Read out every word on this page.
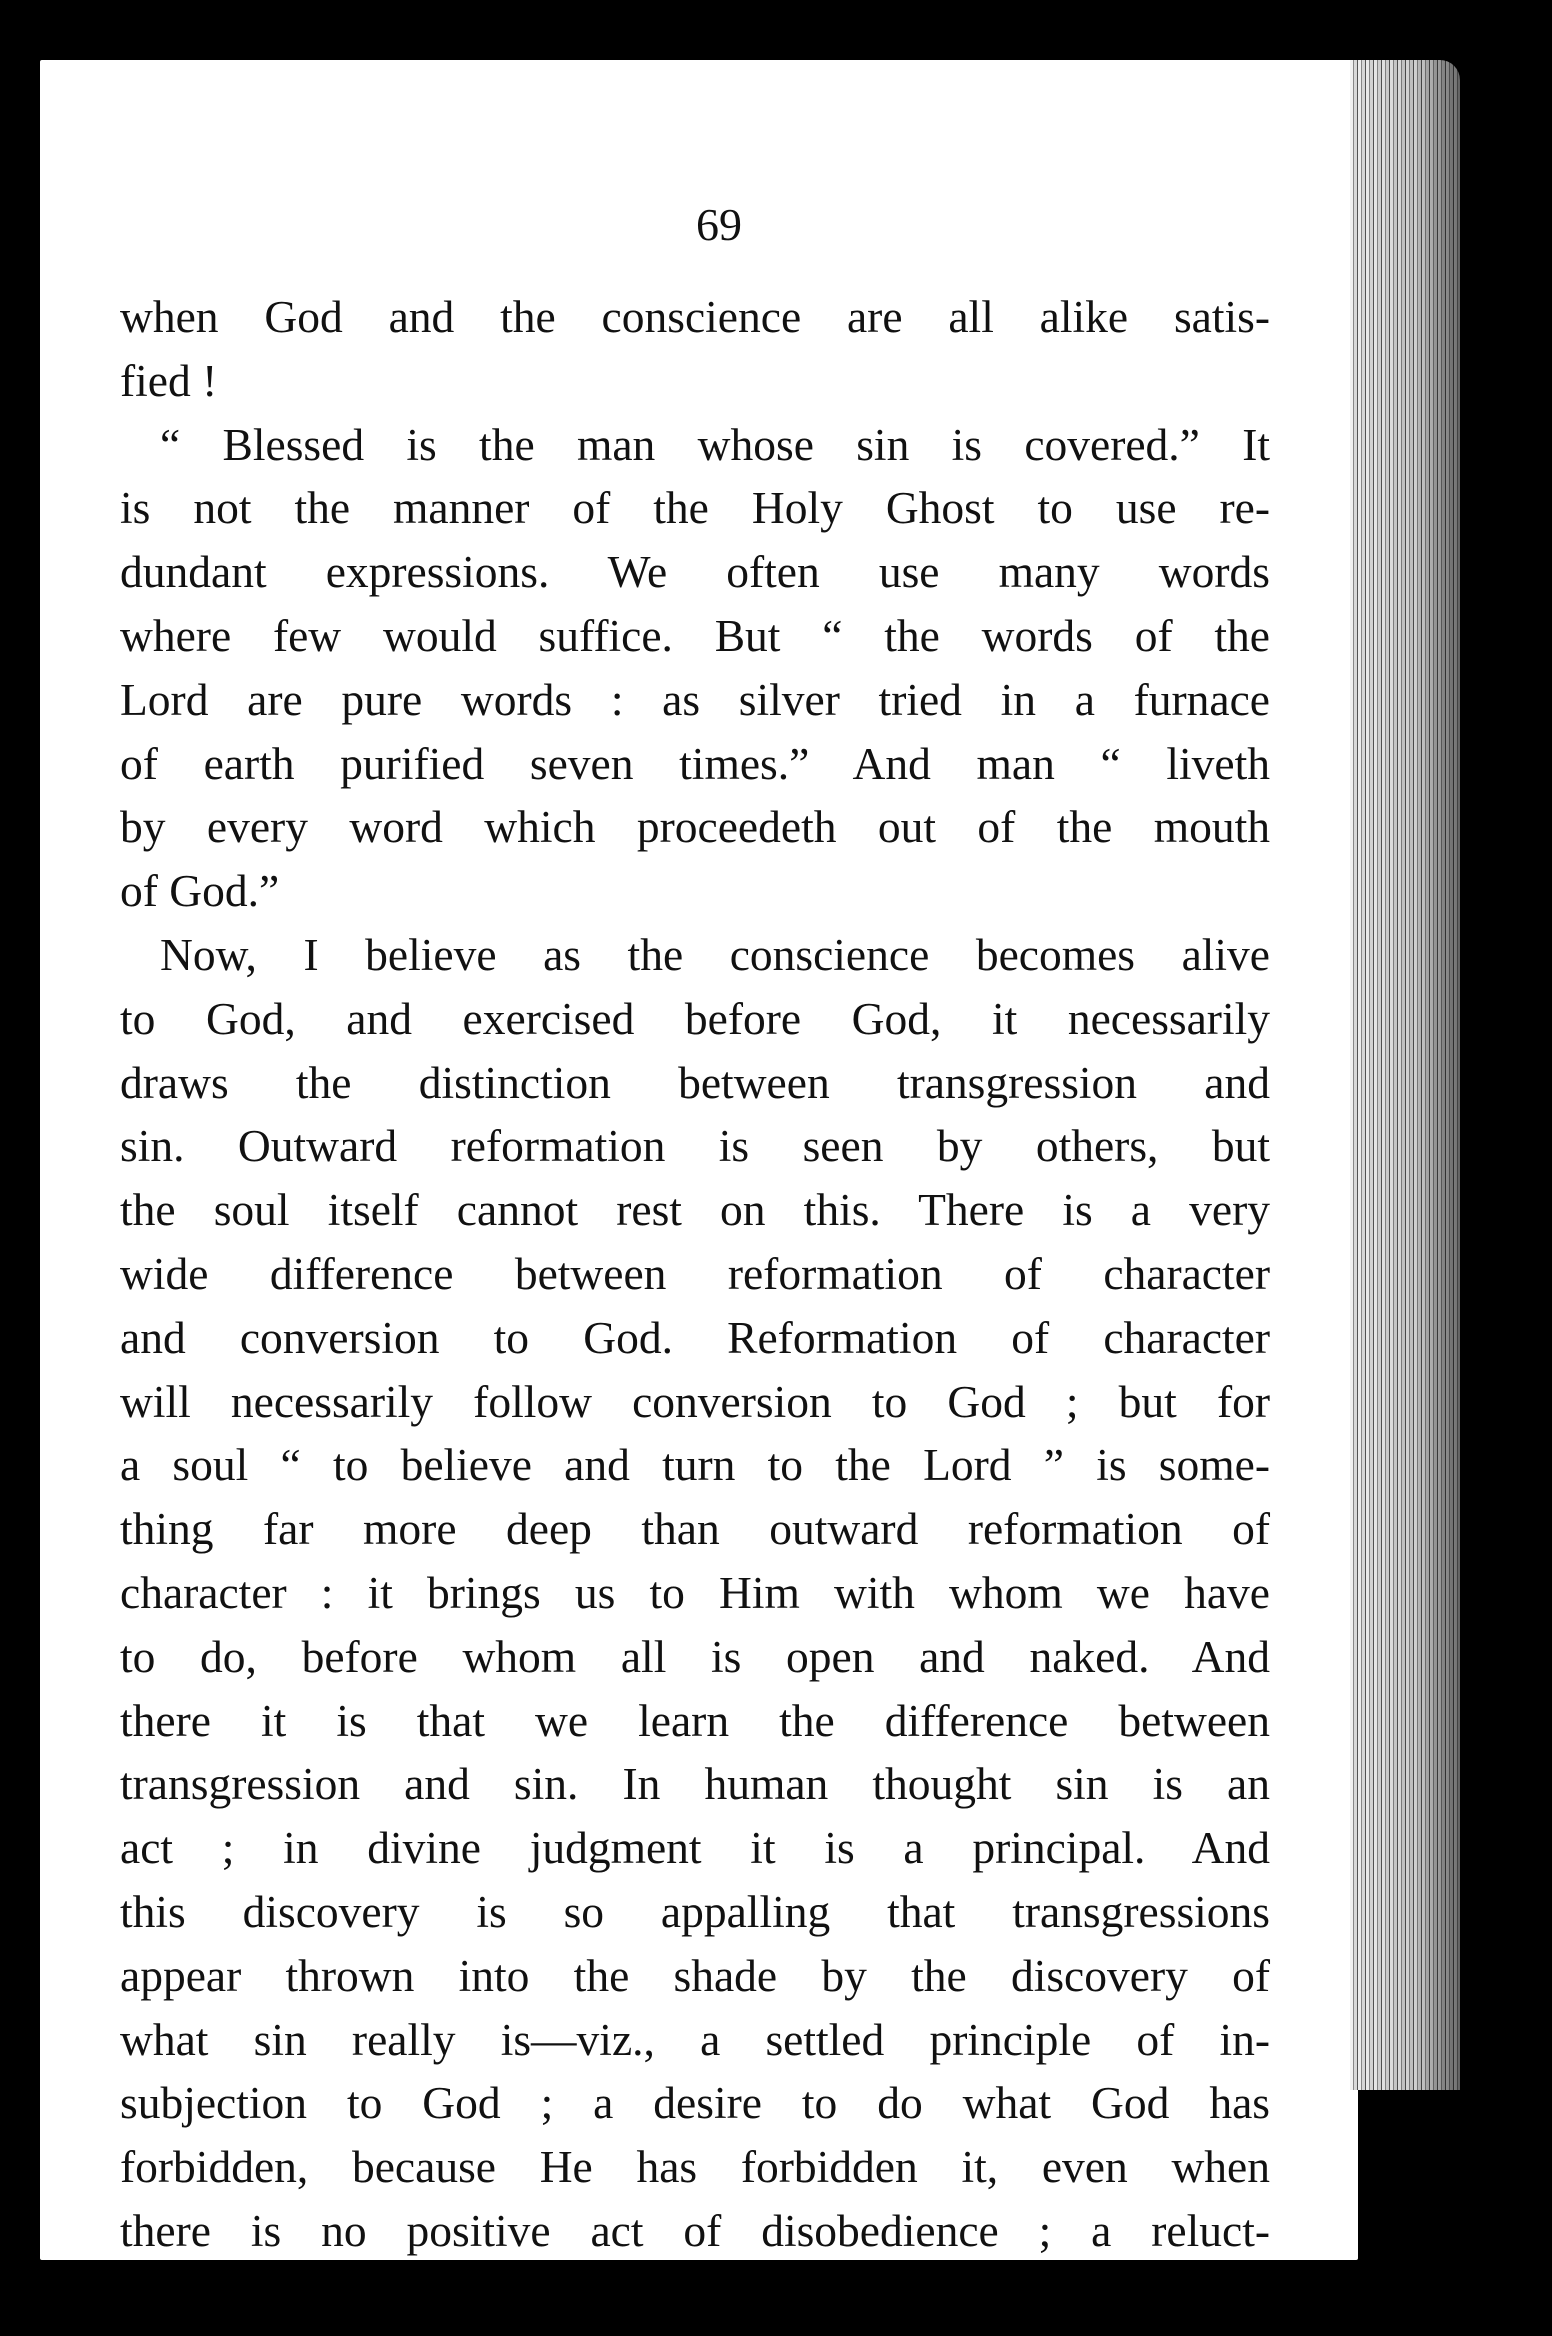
69
when God and the conscience are all alike satis-
fied !
“ Blessed is the man whose sin is covered.” It
is not the manner of the Holy Ghost to use re-
dundant expressions. We often use many words
where few would suffice. But “ the words of the
Lord are pure words : as silver tried in a furnace
of earth purified seven times.” And man “ liveth
by every word which proceedeth out of the mouth
of God.”
Now, I believe as the conscience becomes alive
to God, and exercised before God, it necessarily
draws the distinction between transgression and
sin. Outward reformation is seen by others, but
the soul itself cannot rest on this. There is a very
wide difference between reformation of character
and conversion to God. Reformation of character
will necessarily follow conversion to God ; but for
a soul “ to believe and turn to the Lord ” is some-
thing far more deep than outward reformation of
character : it brings us to Him with whom we have
to do, before whom all is open and naked. And
there it is that we learn the difference between
transgression and sin. In human thought sin is an
act ; in divine judgment it is a principal. And
this discovery is so appalling that transgressions
appear thrown into the shade by the discovery of
what sin really is—viz., a settled principle of in-
subjection to God ; a desire to do what God has
forbidden, because He has forbidden it, even when
there is no positive act of disobedience ; a reluct-
